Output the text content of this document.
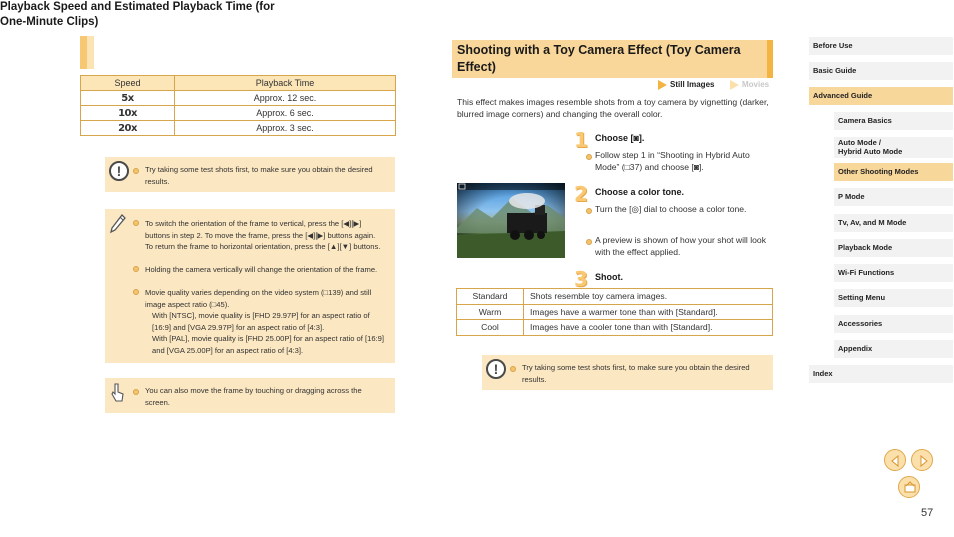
Playback Speed and Estimated Playback Time (for One-Minute Clips)
Speed	Playback Time
5x	Approx. 12 sec.
10x	Approx. 6 sec.
20x	Approx. 3 sec.
!	Try taking some test shots first, to make sure you obtain the desired results.
To switch the orientation of the frame to vertical, press the [◀][▶] buttons in step 2. To move the frame, press the [◀][▶] buttons again. To return the frame to horizontal orientation, press the [▲][▼] buttons.
Holding the camera vertically will change the orientation of the frame.
Movie quality varies depending on the video system (□139) and still image aspect ratio (□45).
With [NTSC], movie quality is [FHD 29.97P] for an aspect ratio of [16:9] and [VGA 29.97P] for an aspect ratio of [4:3].
With [PAL], movie quality is [FHD 25.00P] for an aspect ratio of [16:9] and [VGA 25.00P] for an aspect ratio of [4:3].
You can also move the frame by touching or dragging across the screen.
Shooting with a Toy Camera Effect (Toy Camera Effect)
Still Images	Movies
This effect makes images resemble shots from a toy camera by vignetting (darker, blurred image corners) and changing the overall color.
1 Choose [◙].
Follow step 1 in “Shooting in Hybrid Auto Mode” (□37) and choose [◙].
2 Choose a color tone.
Turn the [◎] dial to choose a color tone.
A preview is shown of how your shot will look with the effect applied.
3 Shoot.
Standard	Shots resemble toy camera images.
Warm	Images have a warmer tone than with [Standard].
Cool	Images have a cooler tone than with [Standard].
!	Try taking some test shots first, to make sure you obtain the desired results.
Before Use
Basic Guide
Advanced Guide
Camera Basics
Auto Mode /
Hybrid Auto Mode
Other Shooting Modes
P Mode
Tv, Av, and M Mode
Playback Mode
Wi-Fi Functions
Setting Menu
Accessories
Appendix
Index
57
